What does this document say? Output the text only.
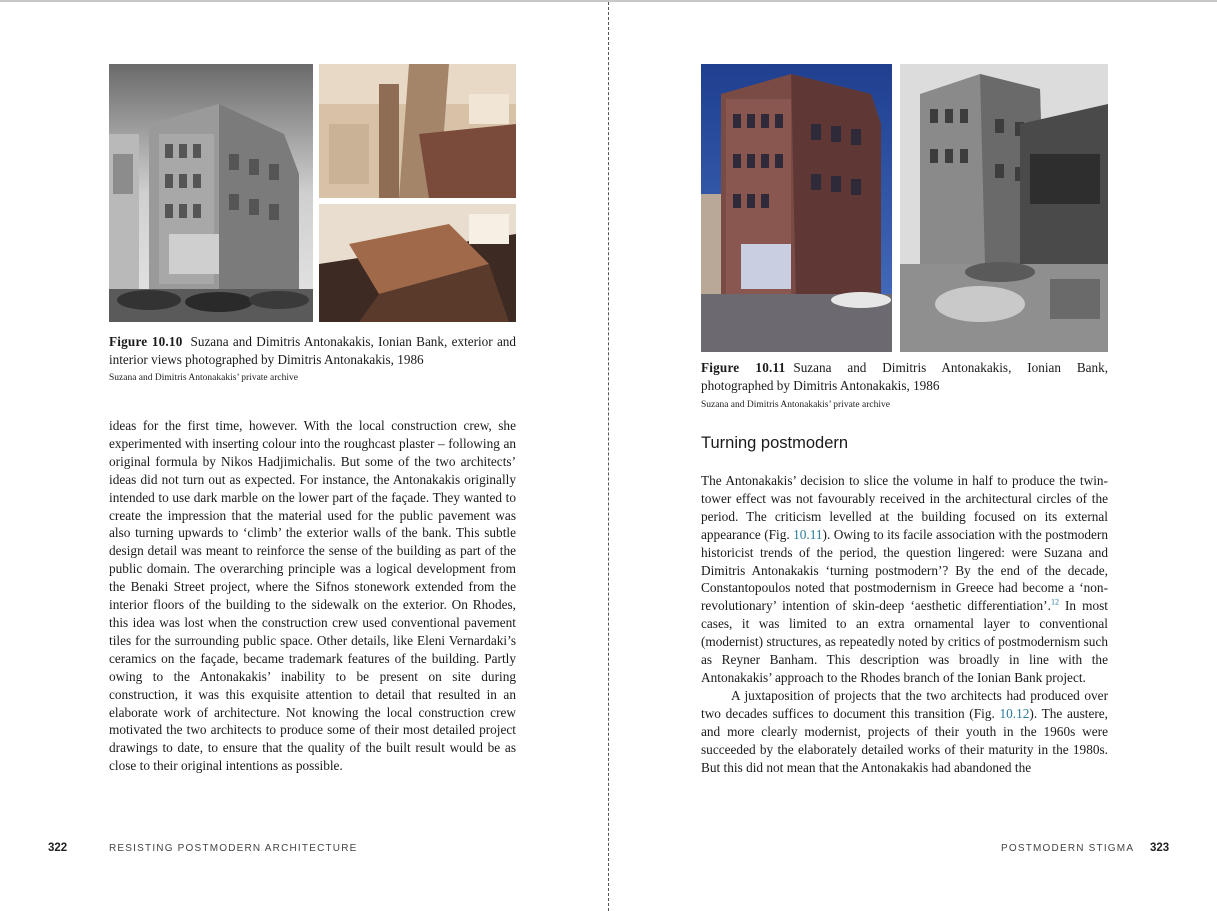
Figure 10.10 Suzana and Dimitris Antonakakis, Ionian Bank, exterior and interior views photographed by Dimitris Antonakakis, 1986
Suzana and Dimitris Antonakakis’ private archive

ideas for the first time, however. With the local construction crew, she experimented with inserting colour into the roughcast plaster – following an original formula by Nikos Hadjimichalis. But some of the two architects’ ideas did not turn out as expected. For instance, the Antonakakis originally intended to use dark marble on the lower part of the façade. They wanted to create the impression that the material used for the public pavement was also turning upwards to ‘climb’ the exterior walls of the bank. This subtle design detail was meant to reinforce the sense of the building as part of the public domain. The overarching principle was a logical development from the Benaki Street project, where the Sifnos stonework extended from the interior floors of the building to the sidewalk on the exterior. On Rhodes, this idea was lost when the construction crew used conventional pavement tiles for the surrounding public space. Other details, like Eleni Vernardaki’s ceramics on the façade, became trademark features of the building. Partly owing to the Antonakakis’ inability to be present on site during construction, it was this exquisite attention to detail that resulted in an elaborate work of architecture. Not knowing the local construction crew motivated the two architects to produce some of their most detailed project drawings to date, to ensure that the quality of the built result would be as close to their original intentions as possible.

322	RESISTING POSTMODERN ARCHITECTURE
Figure 10.11 Suzana and Dimitris Antonakakis, Ionian Bank, photographed by Dimitris Antonakakis, 1986
Suzana and Dimitris Antonakakis’ private archive
Turning postmodern

The Antonakakis’ decision to slice the volume in half to produce the twin-tower effect was not favourably received in the architectural circles of the period. The criticism levelled at the building focused on its external appearance (Fig. 10.11). Owing to its facile association with the postmodern historicist trends of the period, the question lingered: were Suzana and Dimitris Antonakakis ‘turning postmodern’? By the end of the decade, Constantopoulos noted that postmodernism in Greece had become a ‘non-revolutionary’ intention of skin-deep ‘aesthetic differentiation’.$^{12}$ In most cases, it was limited to an extra ornamental layer to conventional (modernist) structures, as repeatedly noted by critics of postmodernism such as Reyner Banham. This description was broadly in line with the Antonakakis’ approach to the Rhodes branch of the Ionian Bank project.

A juxtaposition of projects that the two architects had produced over two decades suffices to document this transition (Fig. 10.12). The austere, and more clearly modernist, projects of their youth in the 1960s were succeeded by the elaborately detailed works of their maturity in the 1980s. But this did not mean that the Antonakakis had abandoned the

POSTMODERN STIGMA 323
